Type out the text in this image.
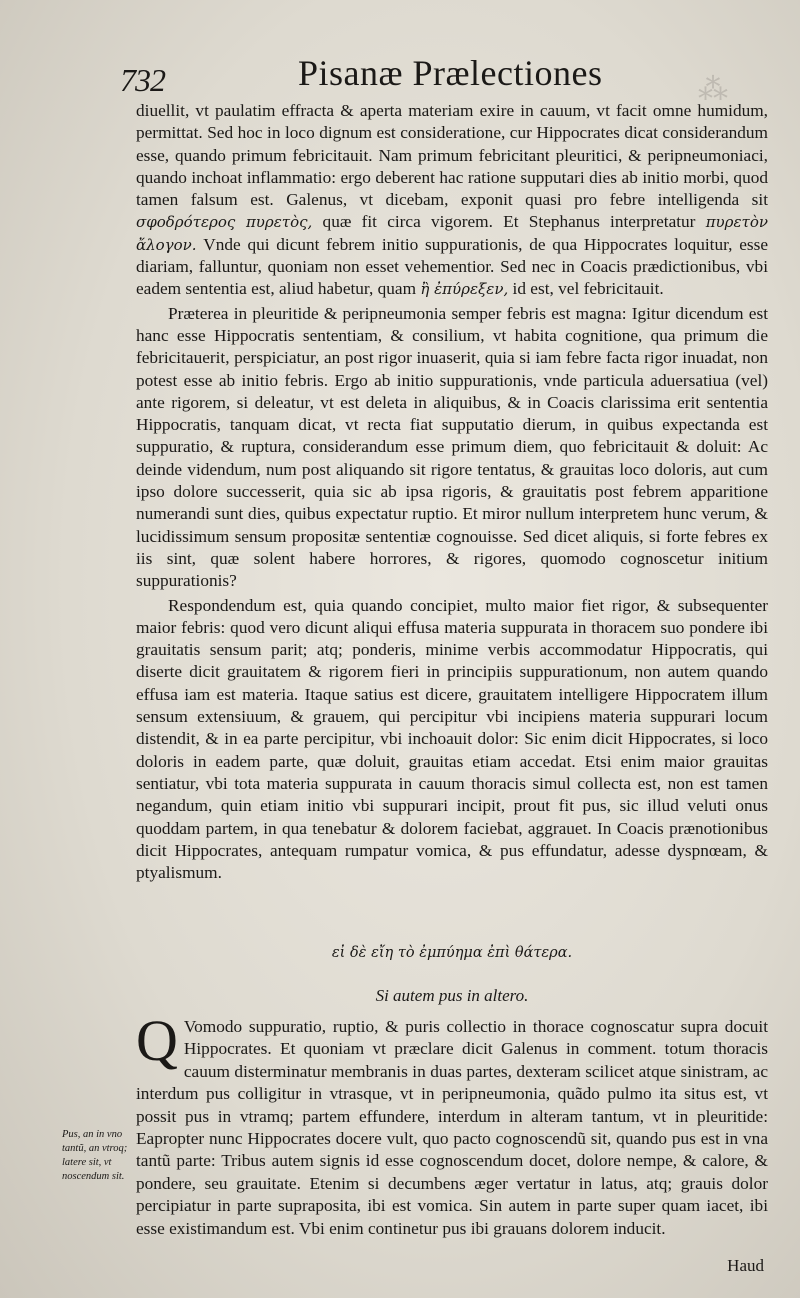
732	Pisanæ Prælectiones	⁂

diuellit, vt paulatim effracta & aperta materiam exire in cauum, vt facit omne humidum, permittat. Sed hoc in loco dignum est consideratione, cur Hippocrates dicat considerandum esse, quando primum febricitauit. Nam primum febricitant pleuritici, & peripneumoniaci, quando inchoat inflammatio: ergo deberent hac ratione supputari dies ab initio morbi, quod tamen falsum est. Galenus, vt dicebam, exponit quasi pro febre intelligenda sit σφοδρότερος πυρετὸς, quæ fit circa vigorem. Et Stephanus interpretatur πυρετὸν ἄλογον. Vnde qui dicunt febrem initio suppurationis, de qua Hippocrates loquitur, esse diariam, falluntur, quoniam non esset vehementior. Sed nec in Coacis prædictionibus, vbi eadem sententia est, aliud habetur, quam ἢ ἐπύρεξεν, id est, vel febricitauit.

Præterea in pleuritide & peripneumonia semper febris est magna: Igitur dicendum est hanc esse Hippocratis sententiam, & consilium, vt habita cognitione, qua primum die febricitauerit, perspiciatur, an post rigor inuaserit, quia si iam febre facta rigor inuadat, non potest esse ab initio febris. Ergo ab initio suppurationis, vnde particula aduersatiua (vel) ante rigorem, si deleatur, vt est deleta in aliquibus, & in Coacis clarissima erit sententia Hippocratis, tanquam dicat, vt recta fiat supputatio dierum, in quibus expectanda est suppuratio, & ruptura, considerandum esse primum diem, quo febricitauit & doluit: Ac deinde videndum, num post aliquando sit rigore tentatus, & grauitas loco doloris, aut cum ipso dolore successerit, quia sic ab ipsa rigoris, & grauitatis post febrem apparitione numerandi sunt dies, quibus expectatur ruptio. Et miror nullum interpretem hunc verum, & lucidissimum sensum propositæ sententiæ cognouisse. Sed dicet aliquis, si forte febres ex iis sint, quæ solent habere horrores, & rigores, quomodo cognoscetur initium suppurationis?

Respondendum est, quia quando concipiet, multo maior fiet rigor, & subsequenter maior febris: quod vero dicunt aliqui effusa materia suppurata in thoracem suo pondere ibi grauitatis sensum parit; atq; ponderis, minime verbis accommodatur Hippocratis, qui diserte dicit grauitatem & rigorem fieri in principiis suppurationum, non autem quando effusa iam est materia. Itaque satius est dicere, grauitatem intelligere Hippocratem illum sensum extensiuum, & grauem, qui percipitur vbi incipiens materia suppurari locum distendit, & in ea parte percipitur, vbi inchoauit dolor: Sic enim dicit Hippocrates, si loco doloris in eadem parte, quæ doluit, grauitas etiam accedat. Etsi enim maior grauitas sentiatur, vbi tota materia suppurata in cauum thoracis simul collecta est, non est tamen negandum, quin etiam initio vbi suppurari incipit, prout fit pus, sic illud veluti onus quoddam partem, in qua tenebatur & dolorem faciebat, aggrauet. In Coacis prænotionibus dicit Hippocrates, antequam rumpatur vomica, & pus effundatur, adesse dyspnœam, & ptyalismum.

εἰ δὲ εἴη τὸ ἐμπύημα ἐπὶ θάτερα.
Si autem pus in altero.
Q Vomodo suppuratio, ruptio, & puris collectio in thorace cognoscatur supra docuit Hippocrates. Et quoniam vt præclare dicit Galenus in comment. totum thoracis cauum disterminatur membranis in duas partes, dexteram scilicet atque sinistram, ac interdum pus colligitur in vtrasque, vt in peripneumonia, quãdo pulmo ita situs est, vt possit pus in vtramq; partem effundere, interdum in alteram tantum, vt in pleuritide: Eapropter nunc Hippocrates docere vult, quo pacto cognoscendũ sit, quando pus est in vna tantũ parte: Tribus autem signis id esse cognoscendum docet, dolore nempe, & calore, & pondere, seu grauitate. Etenim si decumbens æger vertatur in latus, atq; grauis dolor percipiatur in parte supraposita, ibi est vomica. Sin autem in parte super quam iacet, ibi esse existimandum est. Vbi enim continetur pus ibi grauans dolorem inducit.
Pus, an in vno tantũ, an vtroq; latere sit, vt noscendum sit.
Haud
